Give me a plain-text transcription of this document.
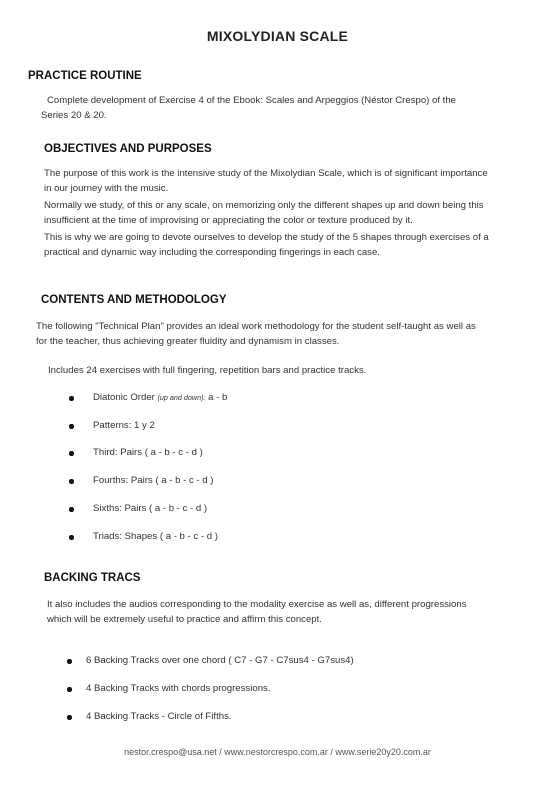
MIXOLYDIAN SCALE
PRACTICE ROUTINE
Complete development of Exercise 4 of the Ebook: Scales and Arpeggios (Néstor Crespo) of the
Series 20 & 20.
OBJECTIVES AND PURPOSES
The purpose of this work is the intensive study of the Mixolydian Scale, which is of significant importance
in our journey with the music.
Normally we study, of this or any scale, on memorizing only the different shapes up and down being this
insufficient at the time of improvising or appreciating the color or texture produced by it.
This is why we are going to devote ourselves to develop the study of the 5 shapes through exercises of a
practical and dynamic way including the corresponding fingerings in each case.
CONTENTS AND METHODOLOGY
The following "Technical Plan" provides an ideal work methodology for the student self-taught as well as
for the teacher, thus achieving greater fluidity and dynamism in classes.
Includes 24 exercises with full fingering, repetition bars and practice tracks.
Diatonic Order (up and down): a - b
Patterns: 1 y 2
Third: Pairs ( a - b - c - d )
Fourths: Pairs ( a - b - c - d )
Sixths: Pairs ( a - b - c - d )
Triads: Shapes ( a - b - c - d )
BACKING TRACS
It also includes the audios corresponding to the modality exercise as well as, different progressions
which will be extremely useful to practice and affirm this concept.
6 Backing Tracks over one chord ( C7 - G7 - C7sus4 - G7sus4)
4 Backing Tracks with chords progressions.
4 Backing Tracks - Circle of Fifths.
nestor.crespo@usa.net / www.nestorcrespo.com.ar / www.serie20y20.com.ar
